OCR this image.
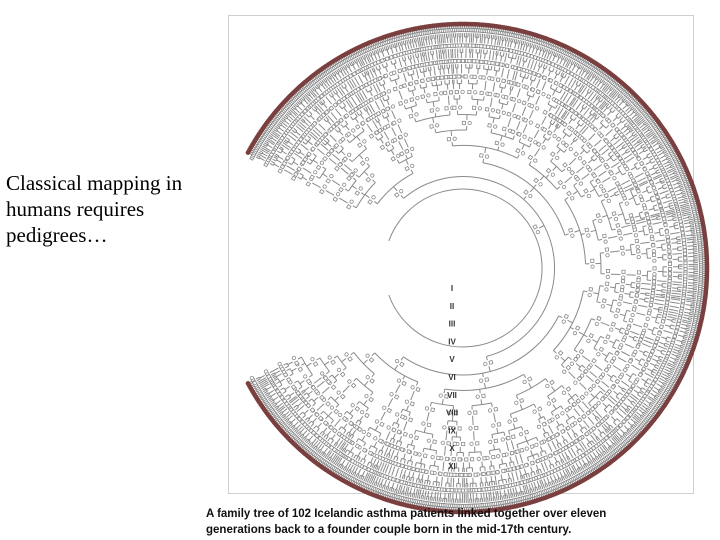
Classical mapping in
humans requires
pedigrees…
I
II
III
IV
V
VI
VII
VIII
IX
X
XI
A family tree of 102 Icelandic asthma patients linked together over eleven
generations back to a founder couple born in the mid-17th century.
